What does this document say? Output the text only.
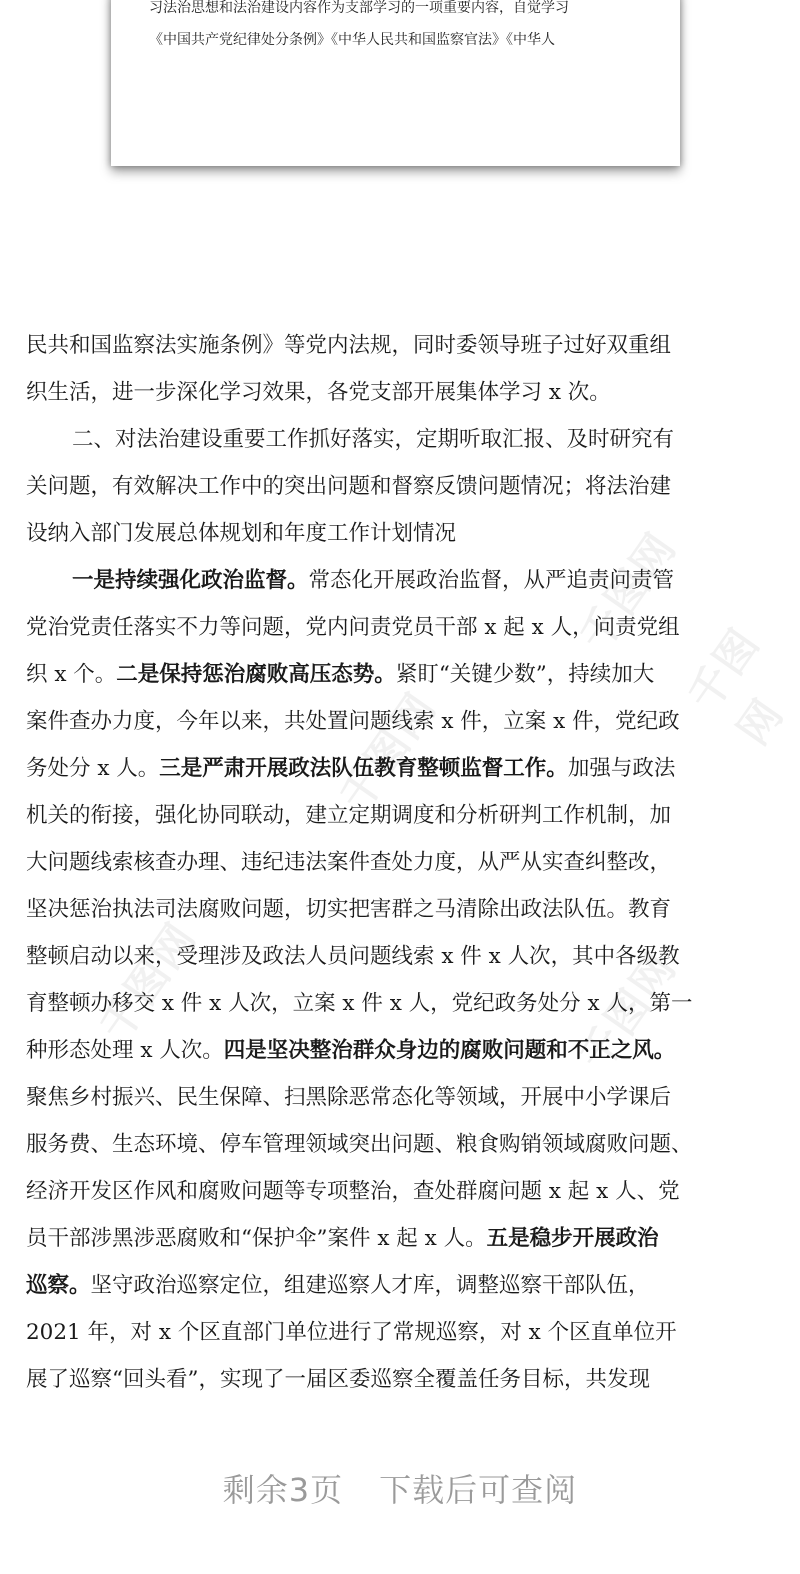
习法治思想和法治建设内容作为支部学习的一项重要内容，自觉学习
《中国共产党纪律处分条例》《中华人民共和国监察官法》《中华人
千图网
千图网
千图网
千图网	千图网
民共和国监察法实施条例》等党内法规，同时委领导班子过好双重组
织生活，进一步深化学习效果，各党支部开展集体学习 x 次。
二、对法治建设重要工作抓好落实，定期听取汇报、及时研究有
关问题，有效解决工作中的突出问题和督察反馈问题情况；将法治建
设纳入部门发展总体规划和年度工作计划情况
一是持续强化政治监督。常态化开展政治监督，从严追责问责管
党治党责任落实不力等问题，党内问责党员干部 x 起 x 人，问责党组
织 x 个。二是保持惩治腐败高压态势。紧盯“关键少数”，持续加大
案件查办力度，今年以来，共处置问题线索 x 件，立案 x 件，党纪政
务处分 x 人。三是严肃开展政法队伍教育整顿监督工作。加强与政法
机关的衔接，强化协同联动，建立定期调度和分析研判工作机制，加
大问题线索核查办理、违纪违法案件查处力度，从严从实查纠整改，
坚决惩治执法司法腐败问题，切实把害群之马清除出政法队伍。教育
整顿启动以来，受理涉及政法人员问题线索 x 件 x 人次，其中各级教
育整顿办移交 x 件 x 人次，立案 x 件 x 人，党纪政务处分 x 人，第一
种形态处理 x 人次。四是坚决整治群众身边的腐败问题和不正之风。
聚焦乡村振兴、民生保障、扫黑除恶常态化等领域，开展中小学课后
服务费、生态环境、停车管理领域突出问题、粮食购销领域腐败问题、
经济开发区作风和腐败问题等专项整治，查处群腐问题 x 起 x 人、党
员干部涉黑涉恶腐败和“保护伞”案件 x 起 x 人。五是稳步开展政治
巡察。坚守政治巡察定位，组建巡察人才库，调整巡察干部队伍，
2021 年，对 x 个区直部门单位进行了常规巡察，对 x 个区直单位开
展了巡察“回头看”，实现了一届区委巡察全覆盖任务目标，共发现
剩余3页 下载后可查阅
